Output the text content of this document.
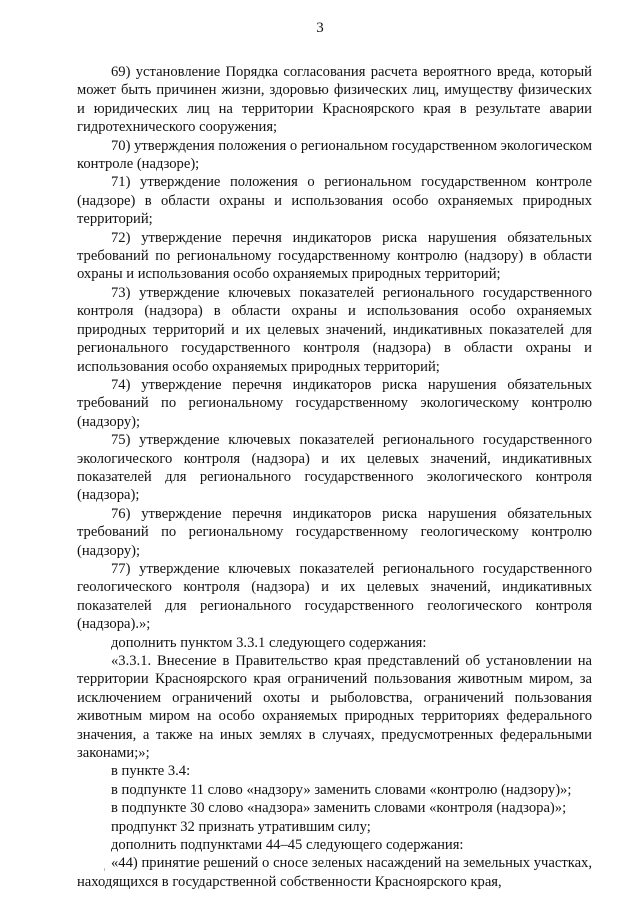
3

69) установление Порядка согласования расчета вероятного вреда, который может быть причинен жизни, здоровью физических лиц, имуществу физических и юридических лиц на территории Красноярского края в результате аварии гидротехнического сооружения;

70) утверждения положения о региональном государственном экологическом контроле (надзоре);

71) утверждение положения о региональном государственном контроле (надзоре) в области охраны и использования особо охраняемых природных территорий;

72) утверждение перечня индикаторов риска нарушения обязательных требований по региональному государственному контролю (надзору) в области охраны и использования особо охраняемых природных территорий;

73) утверждение ключевых показателей регионального государственного контроля (надзора) в области охраны и использования особо охраняемых природных территорий и их целевых значений, индикативных показателей для регионального государственного контроля (надзора) в области охраны и использования особо охраняемых природных территорий;

74) утверждение перечня индикаторов риска нарушения обязательных требований по региональному государственному экологическому контролю (надзору);

75) утверждение ключевых показателей регионального государственного экологического контроля (надзора) и их целевых значений, индикативных показателей для регионального государственного экологического контроля (надзора);

76) утверждение перечня индикаторов риска нарушения обязательных требований по региональному государственному геологическому контролю (надзору);

77) утверждение ключевых показателей регионального государственного геологического контроля (надзора) и их целевых значений, индикативных показателей для регионального государственного геологического контроля (надзора).»;

дополнить пунктом 3.3.1 следующего содержания:

«3.3.1. Внесение в Правительство края представлений об установлении на территории Красноярского края ограничений пользования животным миром, за исключением ограничений охоты и рыболовства, ограничений пользования животным миром на особо охраняемых природных территориях федерального значения, а также на иных землях в случаях, предусмотренных федеральными законами;»;

в пункте 3.4:

в подпункте 11 слово «надзору» заменить словами «контролю (надзору)»;

в подпункте 30 слово «надзора» заменить словами «контроля (надзора)»;

продпункт 32 признать утратившим силу;

дополнить подпунктами 44–45 следующего содержания:

«44) принятие решений о сносе зеленых насаждений на земельных участках, находящихся в государственной собственности Красноярского края,
